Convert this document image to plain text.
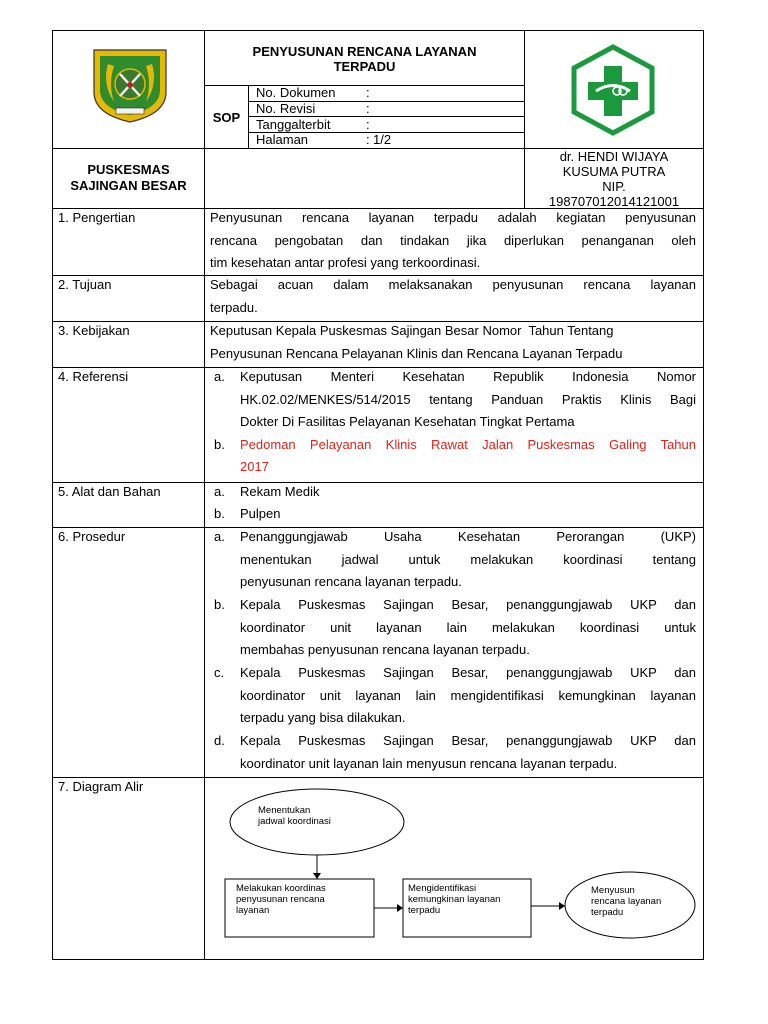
PENYUSUNAN RENCANA LAYANAN
TERPADU
SOP
No. Dokumen :
No. Revisi	:
Tanggalterbit	:
Halaman	: 1/2
PUSKESMAS
SAJINGAN BESAR
dr. HENDI WIJAYA
KUSUMA PUTRA
NIP.
198707012014121001
1. Pengertian	Penyusunan rencana layanan terpadu adalah kegiatan penyusunan
rencana pengobatan dan tindakan jika diperlukan penanganan oleh
tim kesehatan antar profesi yang terkoordinasi.
2. Tujuan	Sebagai acuan dalam melaksanakan penyusunan rencana layanan
terpadu.
3. Kebijakan	Keputusan Kepala Puskesmas Sajingan Besar Nomor  Tahun Tentang
Penyusunan Rencana Pelayanan Klinis dan Rencana Layanan Terpadu
4. Referensi	a. Keputusan Menteri Kesehatan Republik Indonesia Nomor
HK.02.02/MENKES/514/2015 tentang Panduan Praktis Klinis Bagi
Dokter Di Fasilitas Pelayanan Kesehatan Tingkat Pertama
b. Pedoman Pelayanan Klinis Rawat Jalan Puskesmas Galing Tahun
2017
5. Alat dan Bahan	a. Rekam Medik
b. Pulpen
6. Prosedur	a. Penanggungjawab Usaha Kesehatan Perorangan (UKP)
menentukan jadwal untuk melakukan koordinasi tentang
penyusunan rencana layanan terpadu.
b. Kepala Puskesmas Sajingan Besar, penanggungjawab UKP dan
koordinator unit layanan lain melakukan koordinasi untuk
membahas penyusunan rencana layanan terpadu.
c. Kepala Puskesmas Sajingan Besar, penanggungjawab UKP dan
koordinator unit layanan lain mengidentifikasi kemungkinan layanan
terpadu yang bisa dilakukan.
d. Kepala Puskesmas Sajingan Besar, penanggungjawab UKP dan
koordinator unit layanan lain menyusun rencana layanan terpadu.
7. Diagram Alir
Menentukan
jadwal koordinasi
Melakukan koordinas
penyusunan rencana
layanan
Mengidentifikasi
kemungkinan layanan
terpadu
Menyusun
rencana layanan
terpadu
